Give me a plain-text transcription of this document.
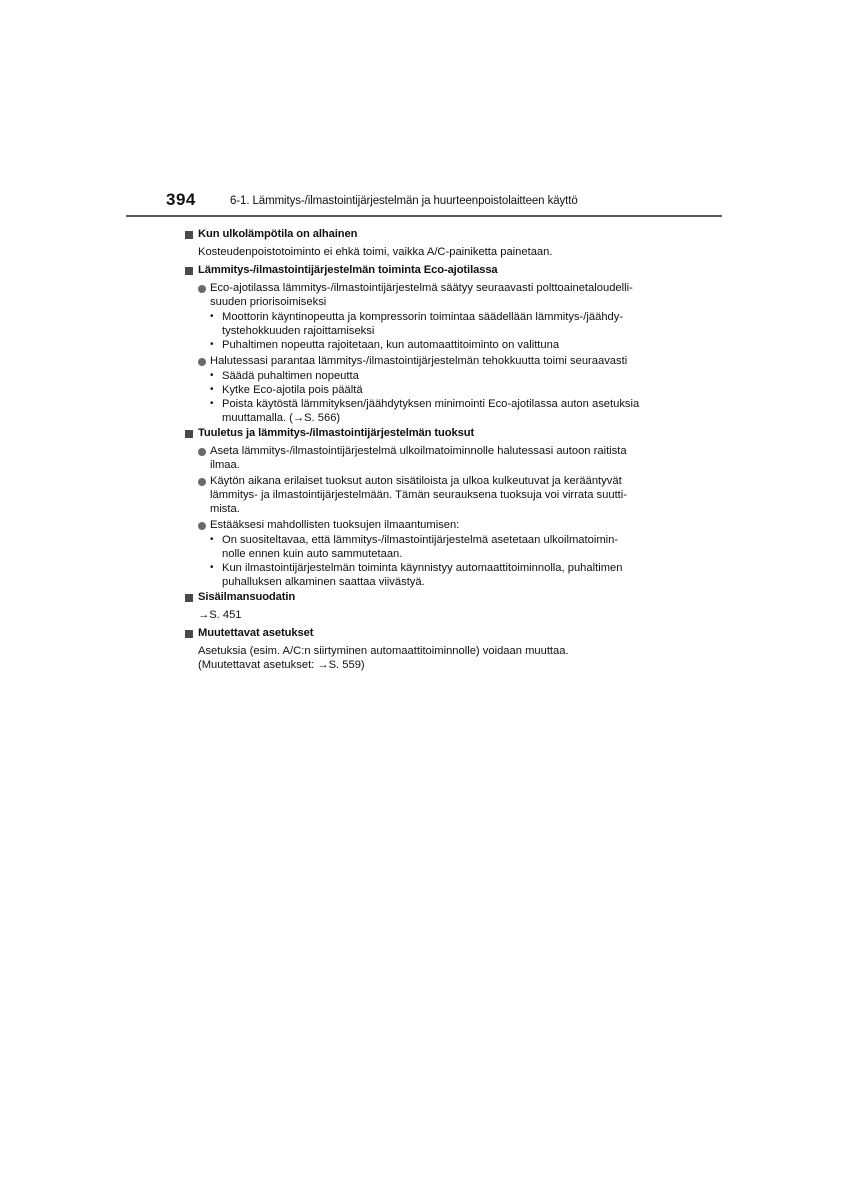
394	6-1. Lämmitys-/ilmastointijärjestelmän ja huurteenpoistolaitteen käyttö
Kun ulkolämpötila on alhainen
Kosteudenpoistotoiminto ei ehkä toimi, vaikka A/C-painiketta painetaan.
Lämmitys-/ilmastointijärjestelmän toiminta Eco-ajotilassa
Eco-ajotilassa lämmitys-/ilmastointijärjestelmä säätyy seuraavasti polttoainetaloudelli-
suuden priorisoimiseksi
• Moottorin käyntinopeutta ja kompressorin toimintaa säädellään lämmitys-/jäähdy-
tystehokkuuden rajoittamiseksi
• Puhaltimen nopeutta rajoitetaan, kun automaattitoiminto on valittuna
Halutessasi parantaa lämmitys-/ilmastointijärjestelmän tehokkuutta toimi seuraavasti
• Säädä puhaltimen nopeutta
• Kytke Eco-ajotila pois päältä
• Poista käytöstä lämmityksen/jäähdytyksen minimointi Eco-ajotilassa auton asetuksia
muuttamalla. (→S. 566)
Tuuletus ja lämmitys-/ilmastointijärjestelmän tuoksut
Aseta lämmitys-/ilmastointijärjestelmä ulkoilmatoiminnolle halutessasi autoon raitista
ilmaa.
Käytön aikana erilaiset tuoksut auton sisätiloista ja ulkoa kulkeutuvat ja kerääntyvät
lämmitys- ja ilmastointijärjestelmään. Tämän seurauksena tuoksuja voi virrata suutti-
mista.
Estääksesi mahdollisten tuoksujen ilmaantumisen:
• On suositeltavaa, että lämmitys-/ilmastointijärjestelmä asetetaan ulkoilmatoimin-
nolle ennen kuin auto sammutetaan.
• Kun ilmastointijärjestelmän toiminta käynnistyy automaattitoiminnolla, puhaltimen
puhalluksen alkaminen saattaa viivästyä.
Sisäilmansuodatin
→S. 451
Muutettavat asetukset
Asetuksia (esim. A/C:n siirtyminen automaattitoiminnolle) voidaan muuttaa.
(Muutettavat asetukset: →S. 559)
